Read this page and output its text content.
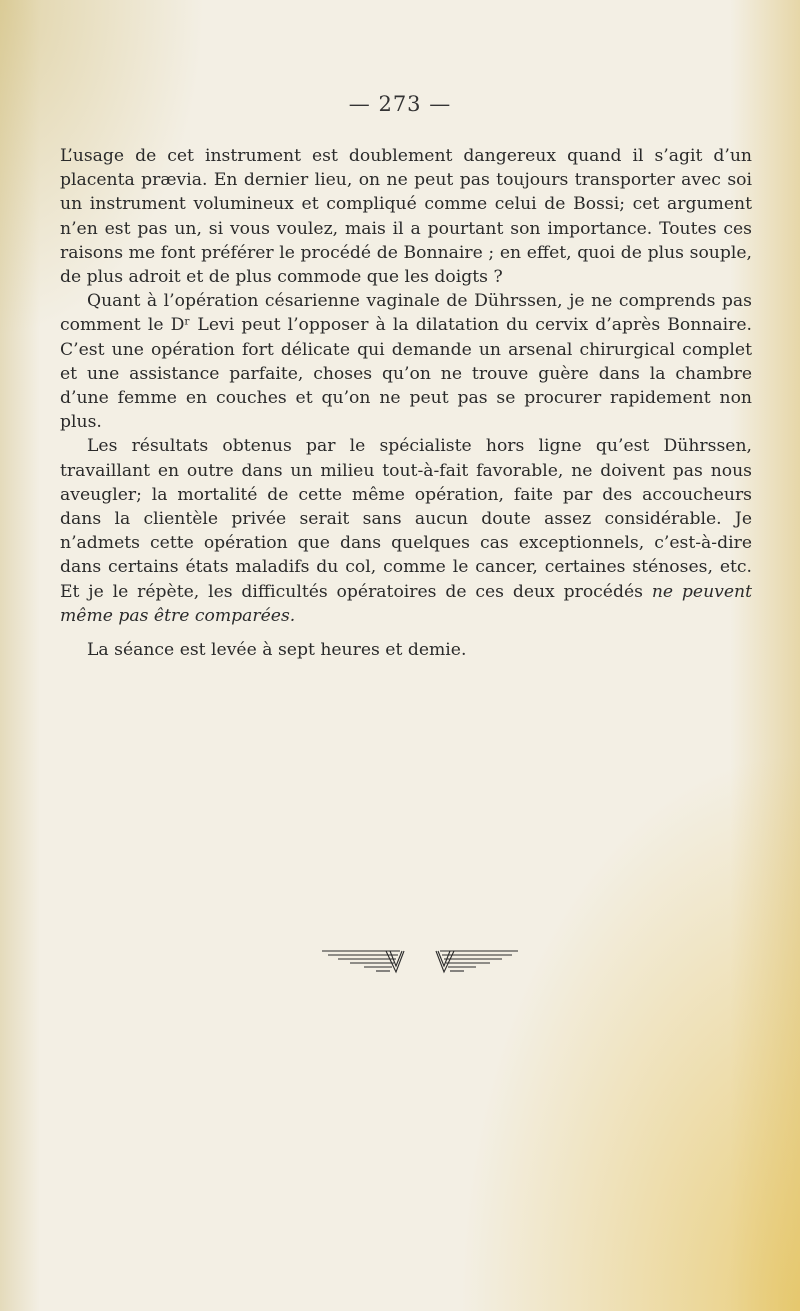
— 273 —

L’usage de cet instrument est doublement dangereux quand il s’agit d’un placenta prævia. En dernier lieu, on ne peut pas toujours transporter avec soi un instrument volumineux et compliqué comme celui de Bossi; cet argument n’en est pas un, si vous voulez, mais il a pourtant son importance. Toutes ces raisons me font préférer le procédé de Bonnaire ; en effet, quoi de plus souple, de plus adroit et de plus commode que les doigts ?

Quant à l’opération césarienne vaginale de Dührssen, je ne comprends pas comment le Dʳ Levi peut l’opposer à la dilatation du cervix d’après Bonnaire. C’est une opération fort délicate qui demande un arsenal chirurgical complet et une assistance parfaite, choses qu’on ne trouve guère dans la chambre d’une femme en couches et qu’on ne peut pas se procurer rapidement non plus.

Les résultats obtenus par le spécialiste hors ligne qu’est Dührssen, travaillant en outre dans un milieu tout-à-fait favorable, ne doivent pas nous aveugler; la mortalité de cette même opération, faite par des accoucheurs dans la clientèle privée serait sans aucun doute assez considérable. Je n’admets cette opération que dans quelques cas exceptionnels, c’est-à-dire dans certains états maladifs du col, comme le cancer, certaines sténoses, etc. Et je le répète, les difficultés opératoires de ces deux procédés ne peuvent même pas être comparées.

La séance est levée à sept heures et demie.
